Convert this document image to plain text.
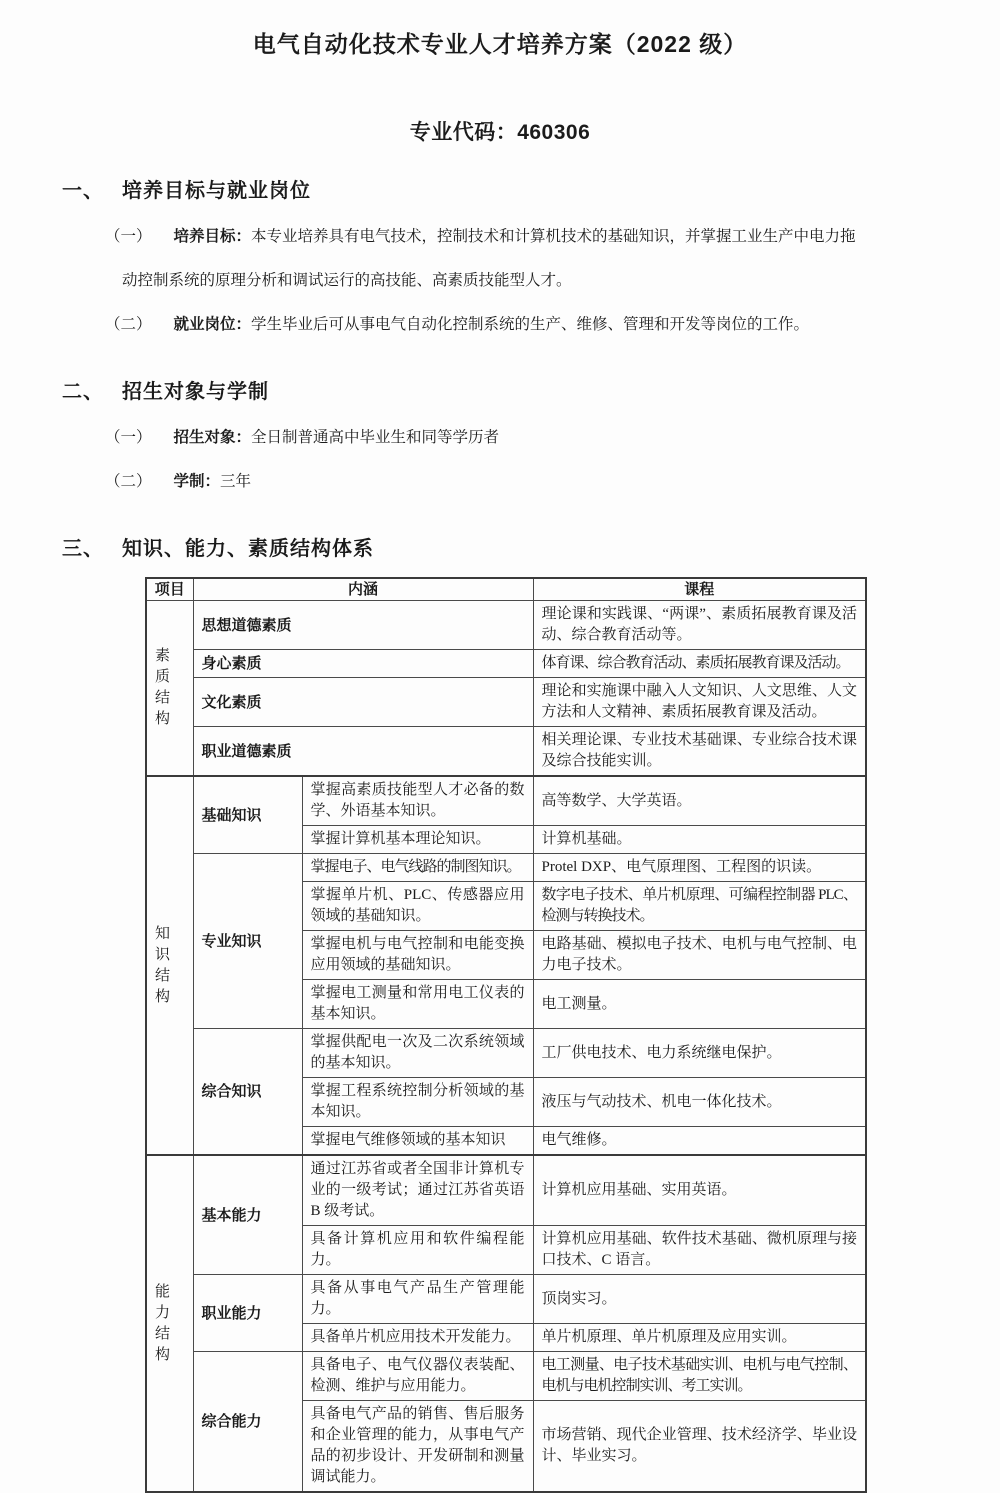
电气自动化技术专业人才培养方案（2022 级）
专业代码：460306
一、 培养目标与就业岗位
（一） 培养目标：本专业培养具有电气技术，控制技术和计算机技术的基础知识，并掌握工业生产中电力拖
动控制系统的原理分析和调试运行的高技能、高素质技能型人才。
（二） 就业岗位：学生毕业后可从事电气自动化控制系统的生产、维修、管理和开发等岗位的工作。
二、 招生对象与学制
（一） 招生对象：全日制普通高中毕业生和同等学历者
（二） 学制：三年
三、 知识、能力、素质结构体系
项目	内涵		课程

素质
结构	思想道德素质		理论课和实践课、“两课”、素质拓展教育课及活动、综合教育活动等。
	身心素质		体育课、综合教育活动、素质拓展教育课及活动。
	文化素质		理论和实施课中融入人文知识、人文思维、人文方法和人文精神、素质拓展教育课及活动。
	职业道德素质		相关理论课、专业技术基础课、专业综合技术课及综合技能实训。

知识
结构	基础知识	掌握高素质技能型人才必备的数学、外语基本知识。	高等数学、大学英语。
		掌握计算机基本理论知识。	计算机基础。
	专业知识	掌握电子、电气线路的制图知识。	Protel DXP、电气原理图、工程图的识读。
		掌握单片机、PLC、传感器应用领域的基础知识。	数字电子技术、单片机原理、可编程控制器 PLC、检测与转换技术。
		掌握电机与电气控制和电能变换应用领域的基础知识。	电路基础、模拟电子技术、电机与电气控制、电力电子技术。
		掌握电工测量和常用电工仪表的基本知识。	电工测量。
	综合知识	掌握供配电一次及二次系统领域的基本知识。	工厂供电技术、电力系统继电保护。
		掌握工程系统控制分析领域的基本知识。	液压与气动技术、机电一体化技术。
		掌握电气维修领域的基本知识	电气维修。

能力
结构	基本能力	通过江苏省或者全国非计算机专业的一级考试；通过江苏省英语 B 级考试。	计算机应用基础、实用英语。
		具备计算机应用和软件编程能力。	计算机应用基础、软件技术基础、微机原理与接口技术、C 语言。
	职业能力	具备从事电气产品生产管理能力。	顶岗实习。
		具备单片机应用技术开发能力。	单片机原理、单片机原理及应用实训。
	综合能力	具备电子、电气仪器仪表装配、检测、维护与应用能力。	电工测量、电子技术基础实训、电机与电气控制、电机与电机控制实训、考工实训。
		具备电气产品的销售、售后服务和企业管理的能力，从事电气产品的初步设计、开发研制和测量调试能力。	市场营销、现代企业管理、技术经济学、毕业设计、毕业实习。
